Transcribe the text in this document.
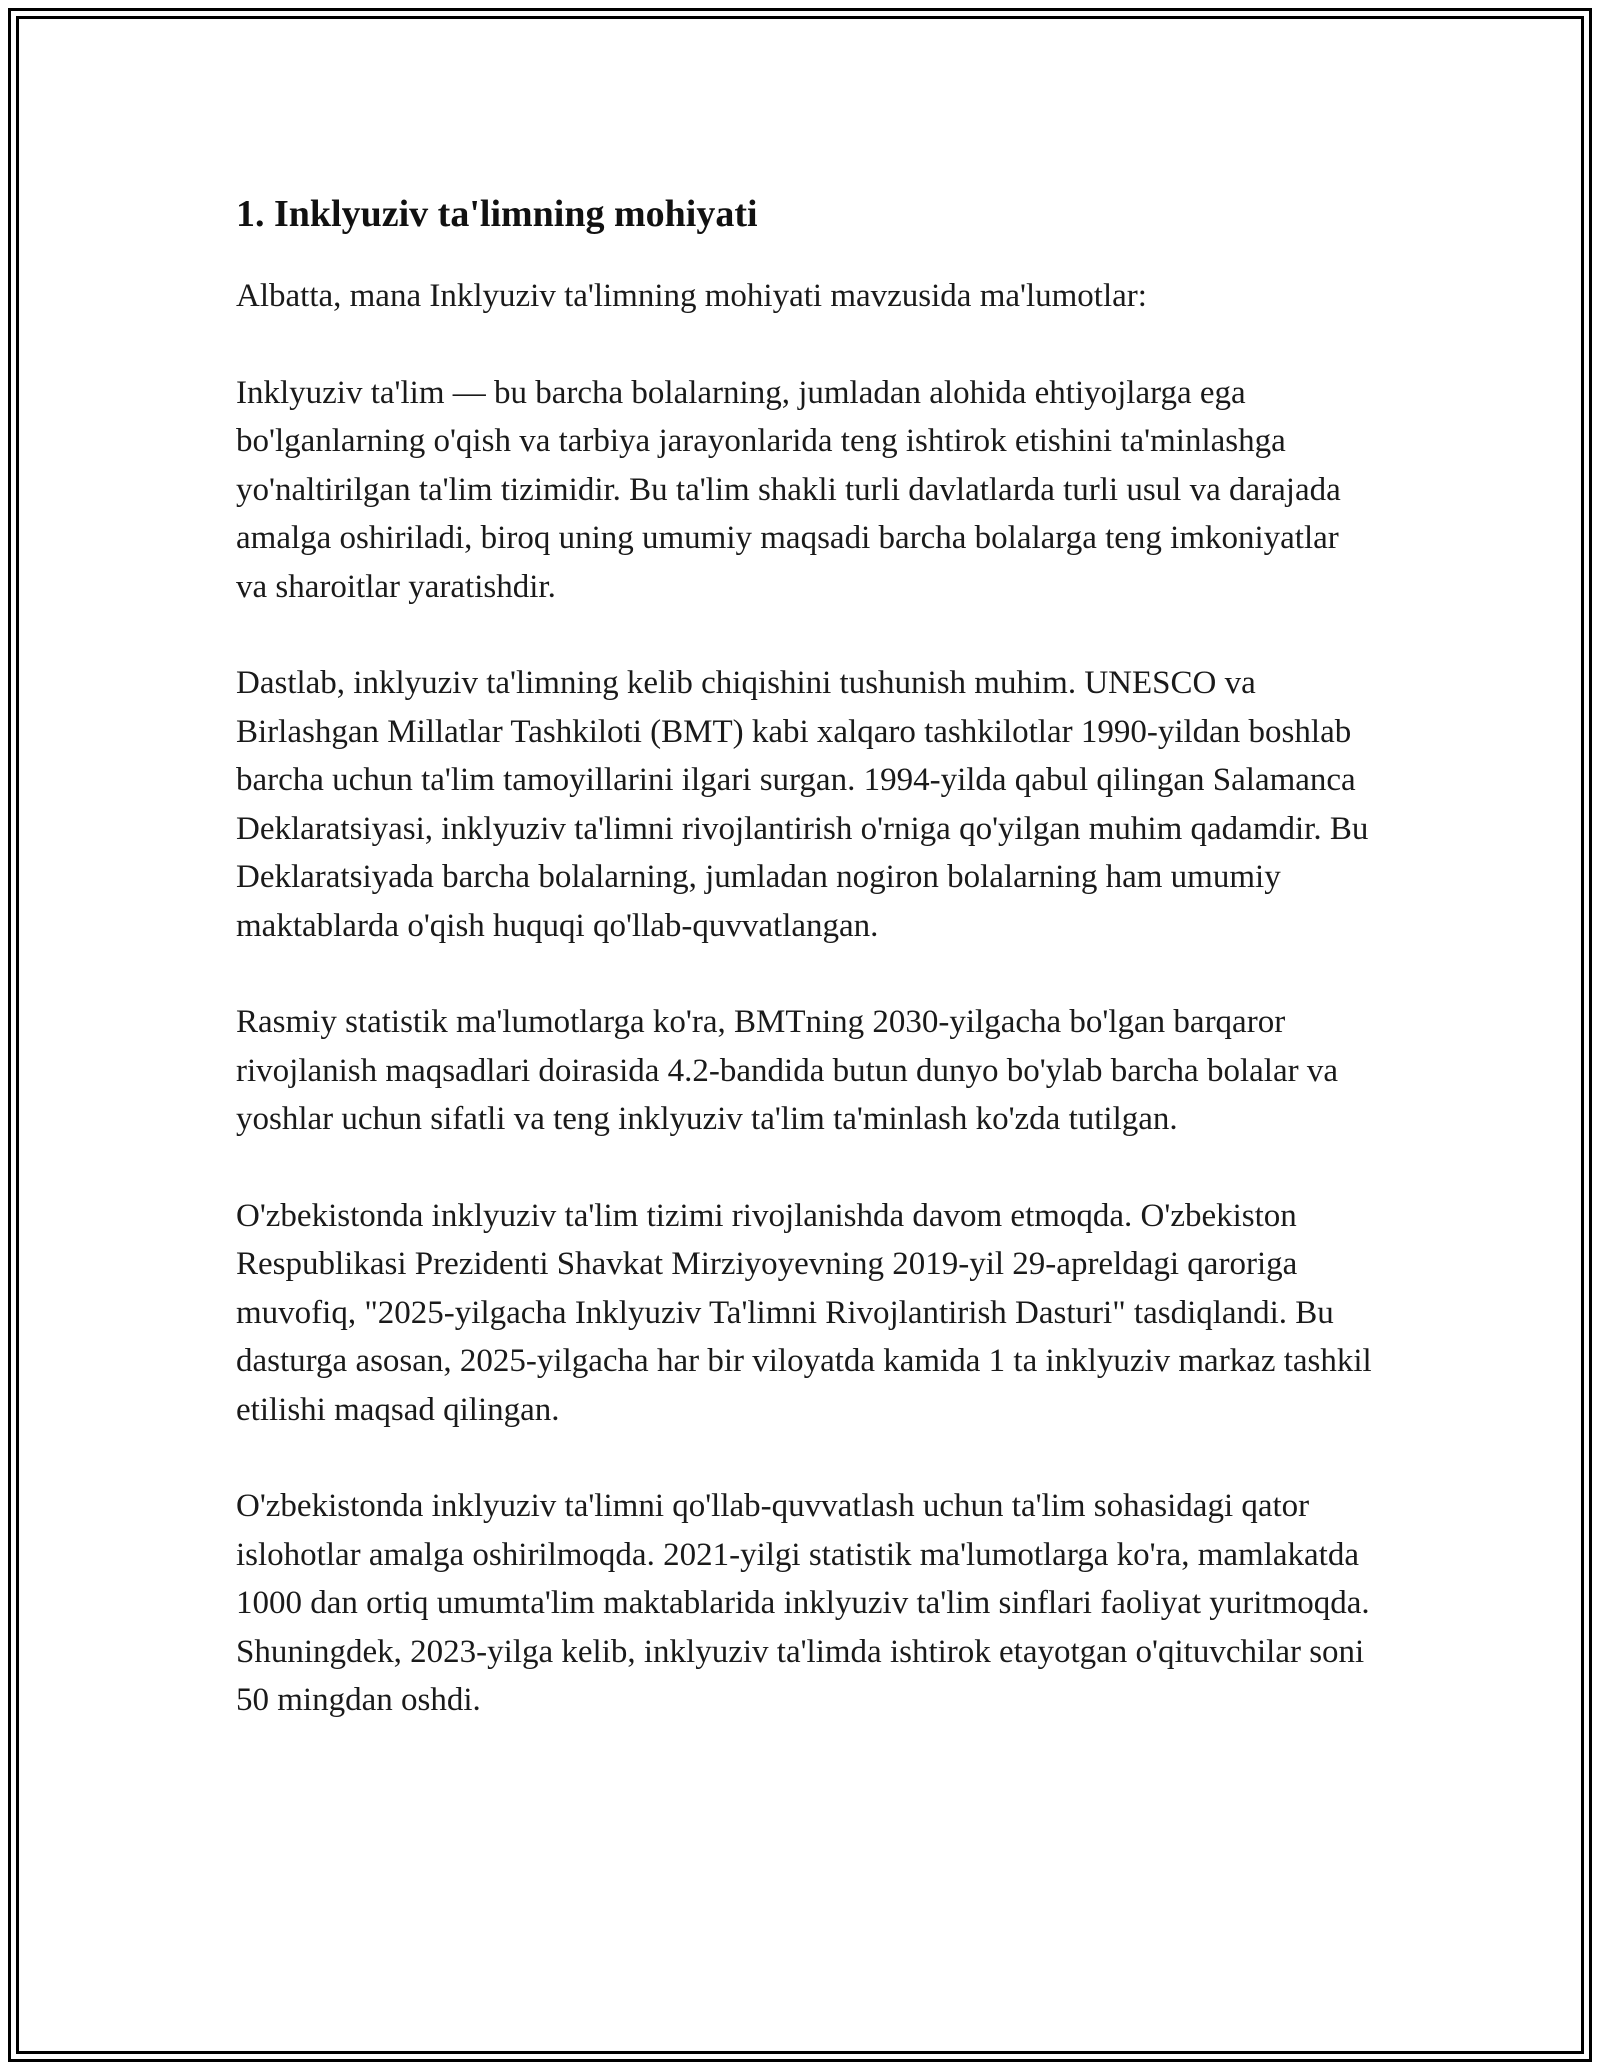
1. Inklyuziv ta'limning mohiyati

Albatta, mana Inklyuziv ta'limning mohiyati mavzusida ma'lumotlar:

Inklyuziv ta'lim — bu barcha bolalarning, jumladan alohida ehtiyojlarga ega bo'lganlarning o'qish va tarbiya jarayonlarida teng ishtirok etishini ta'minlashga yo'naltirilgan ta'lim tizimidir. Bu ta'lim shakli turli davlatlarda turli usul va darajada amalga oshiriladi, biroq uning umumiy maqsadi barcha bolalarga teng imkoniyatlar va sharoitlar yaratishdir.

Dastlab, inklyuziv ta'limning kelib chiqishini tushunish muhim. UNESCO va Birlashgan Millatlar Tashkiloti (BMT) kabi xalqaro tashkilotlar 1990-yildan boshlab barcha uchun ta'lim tamoyillarini ilgari surgan. 1994-yilda qabul qilingan Salamanca Deklaratsiyasi, inklyuziv ta'limni rivojlantirish o'rniga qo'yilgan muhim qadamdir. Bu Deklaratsiyada barcha bolalarning, jumladan nogiron bolalarning ham umumiy maktablarda o'qish huquqi qo'llab-quvvatlangan.

Rasmiy statistik ma'lumotlarga ko'ra, BMTning 2030-yilgacha bo'lgan barqaror rivojlanish maqsadlari doirasida 4.2-bandida butun dunyo bo'ylab barcha bolalar va yoshlar uchun sifatli va teng inklyuziv ta'lim ta'minlash ko'zda tutilgan.

O'zbekistonda inklyuziv ta'lim tizimi rivojlanishda davom etmoqda. O'zbekiston Respublikasi Prezidenti Shavkat Mirziyoyevning 2019-yil 29-apreldagi qaroriga muvofiq, "2025-yilgacha Inklyuziv Ta'limni Rivojlantirish Dasturi" tasdiqlandi. Bu dasturga asosan, 2025-yilgacha har bir viloyatda kamida 1 ta inklyuziv markaz tashkil etilishi maqsad qilingan.

O'zbekistonda inklyuziv ta'limni qo'llab-quvvatlash uchun ta'lim sohasidagi qator islohotlar amalga oshirilmoqda. 2021-yilgi statistik ma'lumotlarga ko'ra, mamlakatda 1000 dan ortiq umumta'lim maktablarida inklyuziv ta'lim sinflari faoliyat yuritmoqda. Shuningdek, 2023-yilga kelib, inklyuziv ta'limda ishtirok etayotgan o'qituvchilar soni 50 mingdan oshdi.
